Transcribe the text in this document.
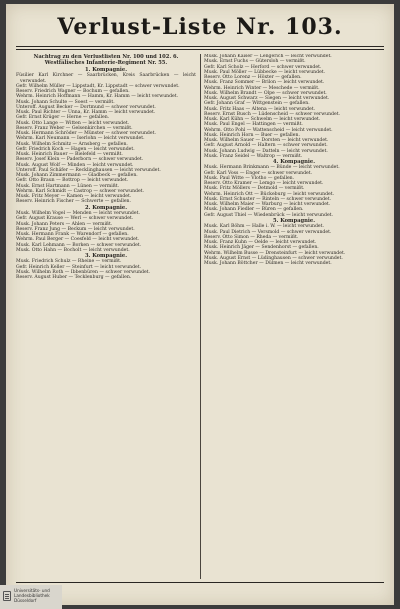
Verlust-Liste Nr. 103.
Nachtrag zu den Verlustlisten Nr. 100 und 102. 6. Westfälisches Infanterie-Regiment Nr. 55.
1. Kompagnie.

Füsilier Karl Kirchner — Saarbrücken, Kreis Saarbrücken — leicht verwundet.

Gefr. Wilhelm Müller — Lippstadt, Kr. Lippstadt — schwer verwundet.

Reserv. Friedrich Wagner — Bochum — gefallen.

Wehrm. Heinrich Hoffmann — Hamm, Kr. Hamm — leicht verwundet.

Musk. Johann Schulte — Soest — vermißt.

Unteroff. August Becker — Dortmund — schwer verwundet.

Musk. Paul Richter — Unna, Kr. Hamm — leicht verwundet.

Gefr. Ernst Krüger — Herne — gefallen.

Musk. Otto Lange — Witten — leicht verwundet.

Reserv. Franz Weber — Gelsenkirchen — vermißt.

Musk. Hermann Schröder — Münster — schwer verwundet.

Wehrm. Karl Neumann — Iserlohn — leicht verwundet.

Musk. Wilhelm Schmitz — Arnsberg — gefallen.

Gefr. Friedrich Koch — Hagen — leicht verwundet.

Musk. Heinrich Bauer — Bielefeld — vermißt.

Reserv. Josef Klein — Paderborn — schwer verwundet.

Musk. August Wolf — Minden — leicht verwundet.

Unteroff. Paul Schäfer — Recklinghausen — leicht verwundet.

Musk. Johann Zimmermann — Gladbeck — gefallen.

Gefr. Otto Braun — Bottrop — leicht verwundet.

Musk. Ernst Hartmann — Lünen — vermißt.

Wehrm. Karl Schmidt — Castrop — schwer verwundet.

Musk. Fritz Meyer — Kamen — leicht verwundet.

Reserv. Heinrich Fischer — Schwerte — gefallen.

2. Kompagnie.

Musk. Wilhelm Vogel — Menden — leicht verwundet.

Gefr. August Krause — Werl — schwer verwundet.

Musk. Johann Peters — Ahlen — vermißt.

Reserv. Franz Jung — Beckum — leicht verwundet.

Musk. Hermann Frank — Warendorf — gefallen.

Wehrm. Paul Berger — Coesfeld — leicht verwundet.

Musk. Karl Lehmann — Borken — schwer verwundet.

Musk. Otto Hahn — Bocholt — leicht verwundet.

3. Kompagnie.

Musk. Friedrich Schulz — Rheine — vermißt.

Gefr. Heinrich Keller — Steinfurt — leicht verwundet.

Musk. Wilhelm Roth — Ibbenbüren — schwer verwundet.

Reserv. August Huber — Tecklenburg — gefallen.

Musk. Johann Kaiser — Lengerich — leicht verwundet.

Musk. Ernst Fuchs — Gütersloh — vermißt.

Gefr. Karl Scholz — Herford — schwer verwundet.

Musk. Paul Möller — Lübbecke — leicht verwundet.

Reserv. Otto Lorenz — Höxter — gefallen.

Musk. Franz Sommer — Brilon — leicht verwundet.

Wehrm. Heinrich Winter — Meschede — vermißt.

Musk. Wilhelm Brandt — Olpe — schwer verwundet.

Musk. August Schwarz — Siegen — leicht verwundet.

Gefr. Johann Graf — Wittgenstein — gefallen.

Musk. Fritz Haas — Altena — leicht verwundet.

Reserv. Ernst Busch — Lüdenscheid — schwer verwundet.

Musk. Karl Kühn — Schwelm — leicht verwundet.

Musk. Paul Engel — Hattingen — vermißt.

Wehrm. Otto Pohl — Wattenscheid — leicht verwundet.

Musk. Heinrich Horn — Buer — gefallen.

Musk. Wilhelm Sauer — Dorsten — leicht verwundet.

Gefr. August Arnold — Haltern — schwer verwundet.

Musk. Johann Ludwig — Datteln — leicht verwundet.

Musk. Franz Seidel — Waltrop — vermißt.

4. Kompagnie.

Musk. Hermann Brinkmann — Bünde — leicht verwundet.

Gefr. Karl Voss — Enger — schwer verwundet.

Musk. Paul Witte — Vlotho — gefallen.

Reserv. Otto Kramer — Lemgo — leicht verwundet.

Musk. Fritz Möllers — Detmold — vermißt.

Wehrm. Heinrich Ott — Bückeburg — leicht verwundet.

Musk. Ernst Schuster — Rinteln — schwer verwundet.

Musk. Wilhelm Maier — Warburg — leicht verwundet.

Musk. Johann Fiedler — Büren — gefallen.

Gefr. August Thiel — Wiedenbrück — leicht verwundet.

5. Kompagnie.

Musk. Karl Böhm — Halle i. W. — leicht verwundet.

Musk. Paul Dietrich — Versmold — schwer verwundet.

Reserv. Otto Simon — Rheda — vermißt.

Musk. Franz Kuhn — Oelde — leicht verwundet.

Musk. Heinrich Jäger — Sendenhorst — gefallen.

Wehrm. Wilhelm Busse — Drensteinfurt — leicht verwundet.

Musk. August Ernst — Lüdinghausen — schwer verwundet.

Musk. Johann Böttcher — Dülmen — leicht verwundet.

Universitäts- und
Landesbibliothek Düsseldorf
